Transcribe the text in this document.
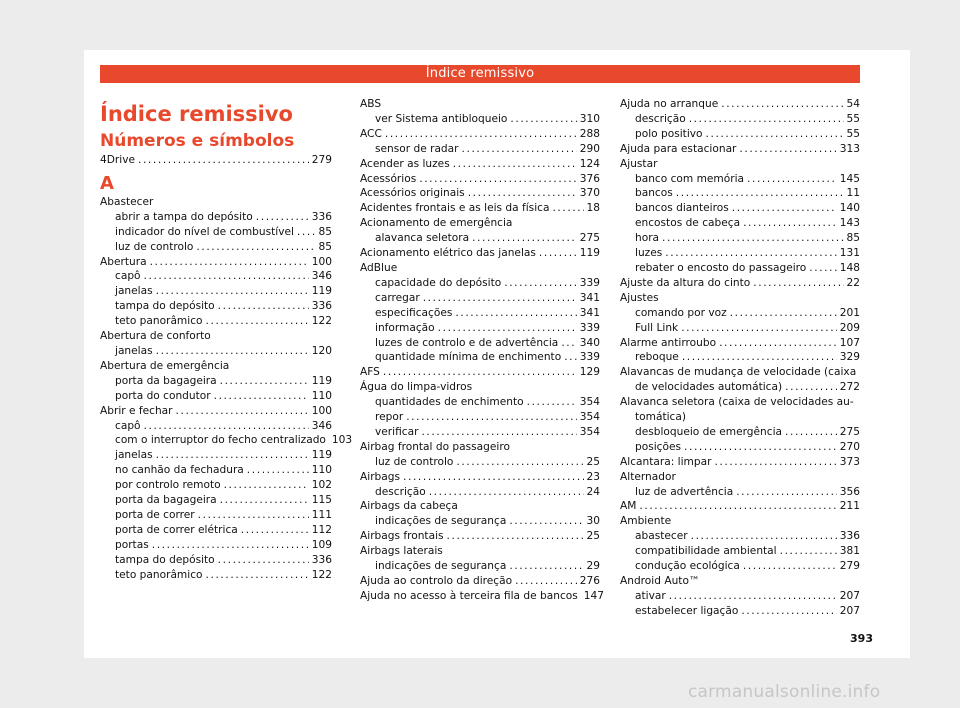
Índice remissivo
Índice remissivo
Números e símbolos
4Drive .....	279
A
Abastecer
abrir a tampa do depósito .....	336
indicador do nível de combustível ..... 85
luz de controlo .....	85
Abertura .....	100
capô .....	346
janelas .....	119
tampa do depósito .....	336
teto panorâmico .....	122
Abertura de conforto
janelas .....	120
Abertura de emergência
porta da bagageira .....	119
porta do condutor .....	110
Abrir e fechar .....	100
capô .....	346
com o interruptor do fecho centralizado 103
janelas .....	119
no canhão da fechadura .....	110
por controlo remoto .....	102
porta da bagageira .....	115
porta de correr .....	111
porta de correr elétrica .....	112
portas .....	109
tampa do depósito .....	336
teto panorâmico .....	122
ABS
ver Sistema antibloqueio .....	310
ACC .....	288
sensor de radar .....	290
Acender as luzes .....	124
Acessórios .....	376
Acessórios originais .....	370
Acidentes frontais e as leis da física .....	18
Acionamento de emergência
alavanca seletora .....	275
Acionamento elétrico das janelas .....	119
AdBlue
capacidade do depósito .....	339
carregar .....	341
especificações .....	341
informação .....	339
luzes de controlo e de advertência ..... 340
quantidade mínima de enchimento ..... 339
AFS .....	129
Água do limpa-vidros
quantidades de enchimento .....	354
repor .....	354
verificar .....	354
Airbag frontal do passageiro
luz de controlo .....	25
Airbags .....	23
descrição .....	24
Airbags da cabeça
indicações de segurança .....	30
Airbags frontais .....	25
Airbags laterais
indicações de segurança .....	29
Ajuda ao controlo da direção .....	276
Ajuda no acesso à terceira fila de bancos 147
Ajuda no arranque .....	54
descrição .....	55
polo positivo .....	55
Ajuda para estacionar .....	313
Ajustar
banco com memória .....	145
bancos .....	11
bancos dianteiros .....	140
encostos de cabeça .....	143
hora .....	85
luzes .....	131
rebater o encosto do passageiro .....	148
Ajuste da altura do cinto .....	22
Ajustes
comando por voz .....	201
Full Link .....	209
Alarme antirroubo .....	107
reboque .....	329
Alavancas de mudança de velocidade (caixa
de velocidades automática) .....	272
Alavanca seletora (caixa de velocidades au-
tomática)
desbloqueio de emergência .....	275
posições .....	270
Alcantara: limpar .....	373
Alternador
luz de advertência .....	356
AM .....	211
Ambiente
abastecer .....	336
compatibilidade ambiental .....	381
condução ecológica .....	279
Android Auto™
ativar .....	207
estabelecer ligação .....	207
393
carmanualsonline.info
